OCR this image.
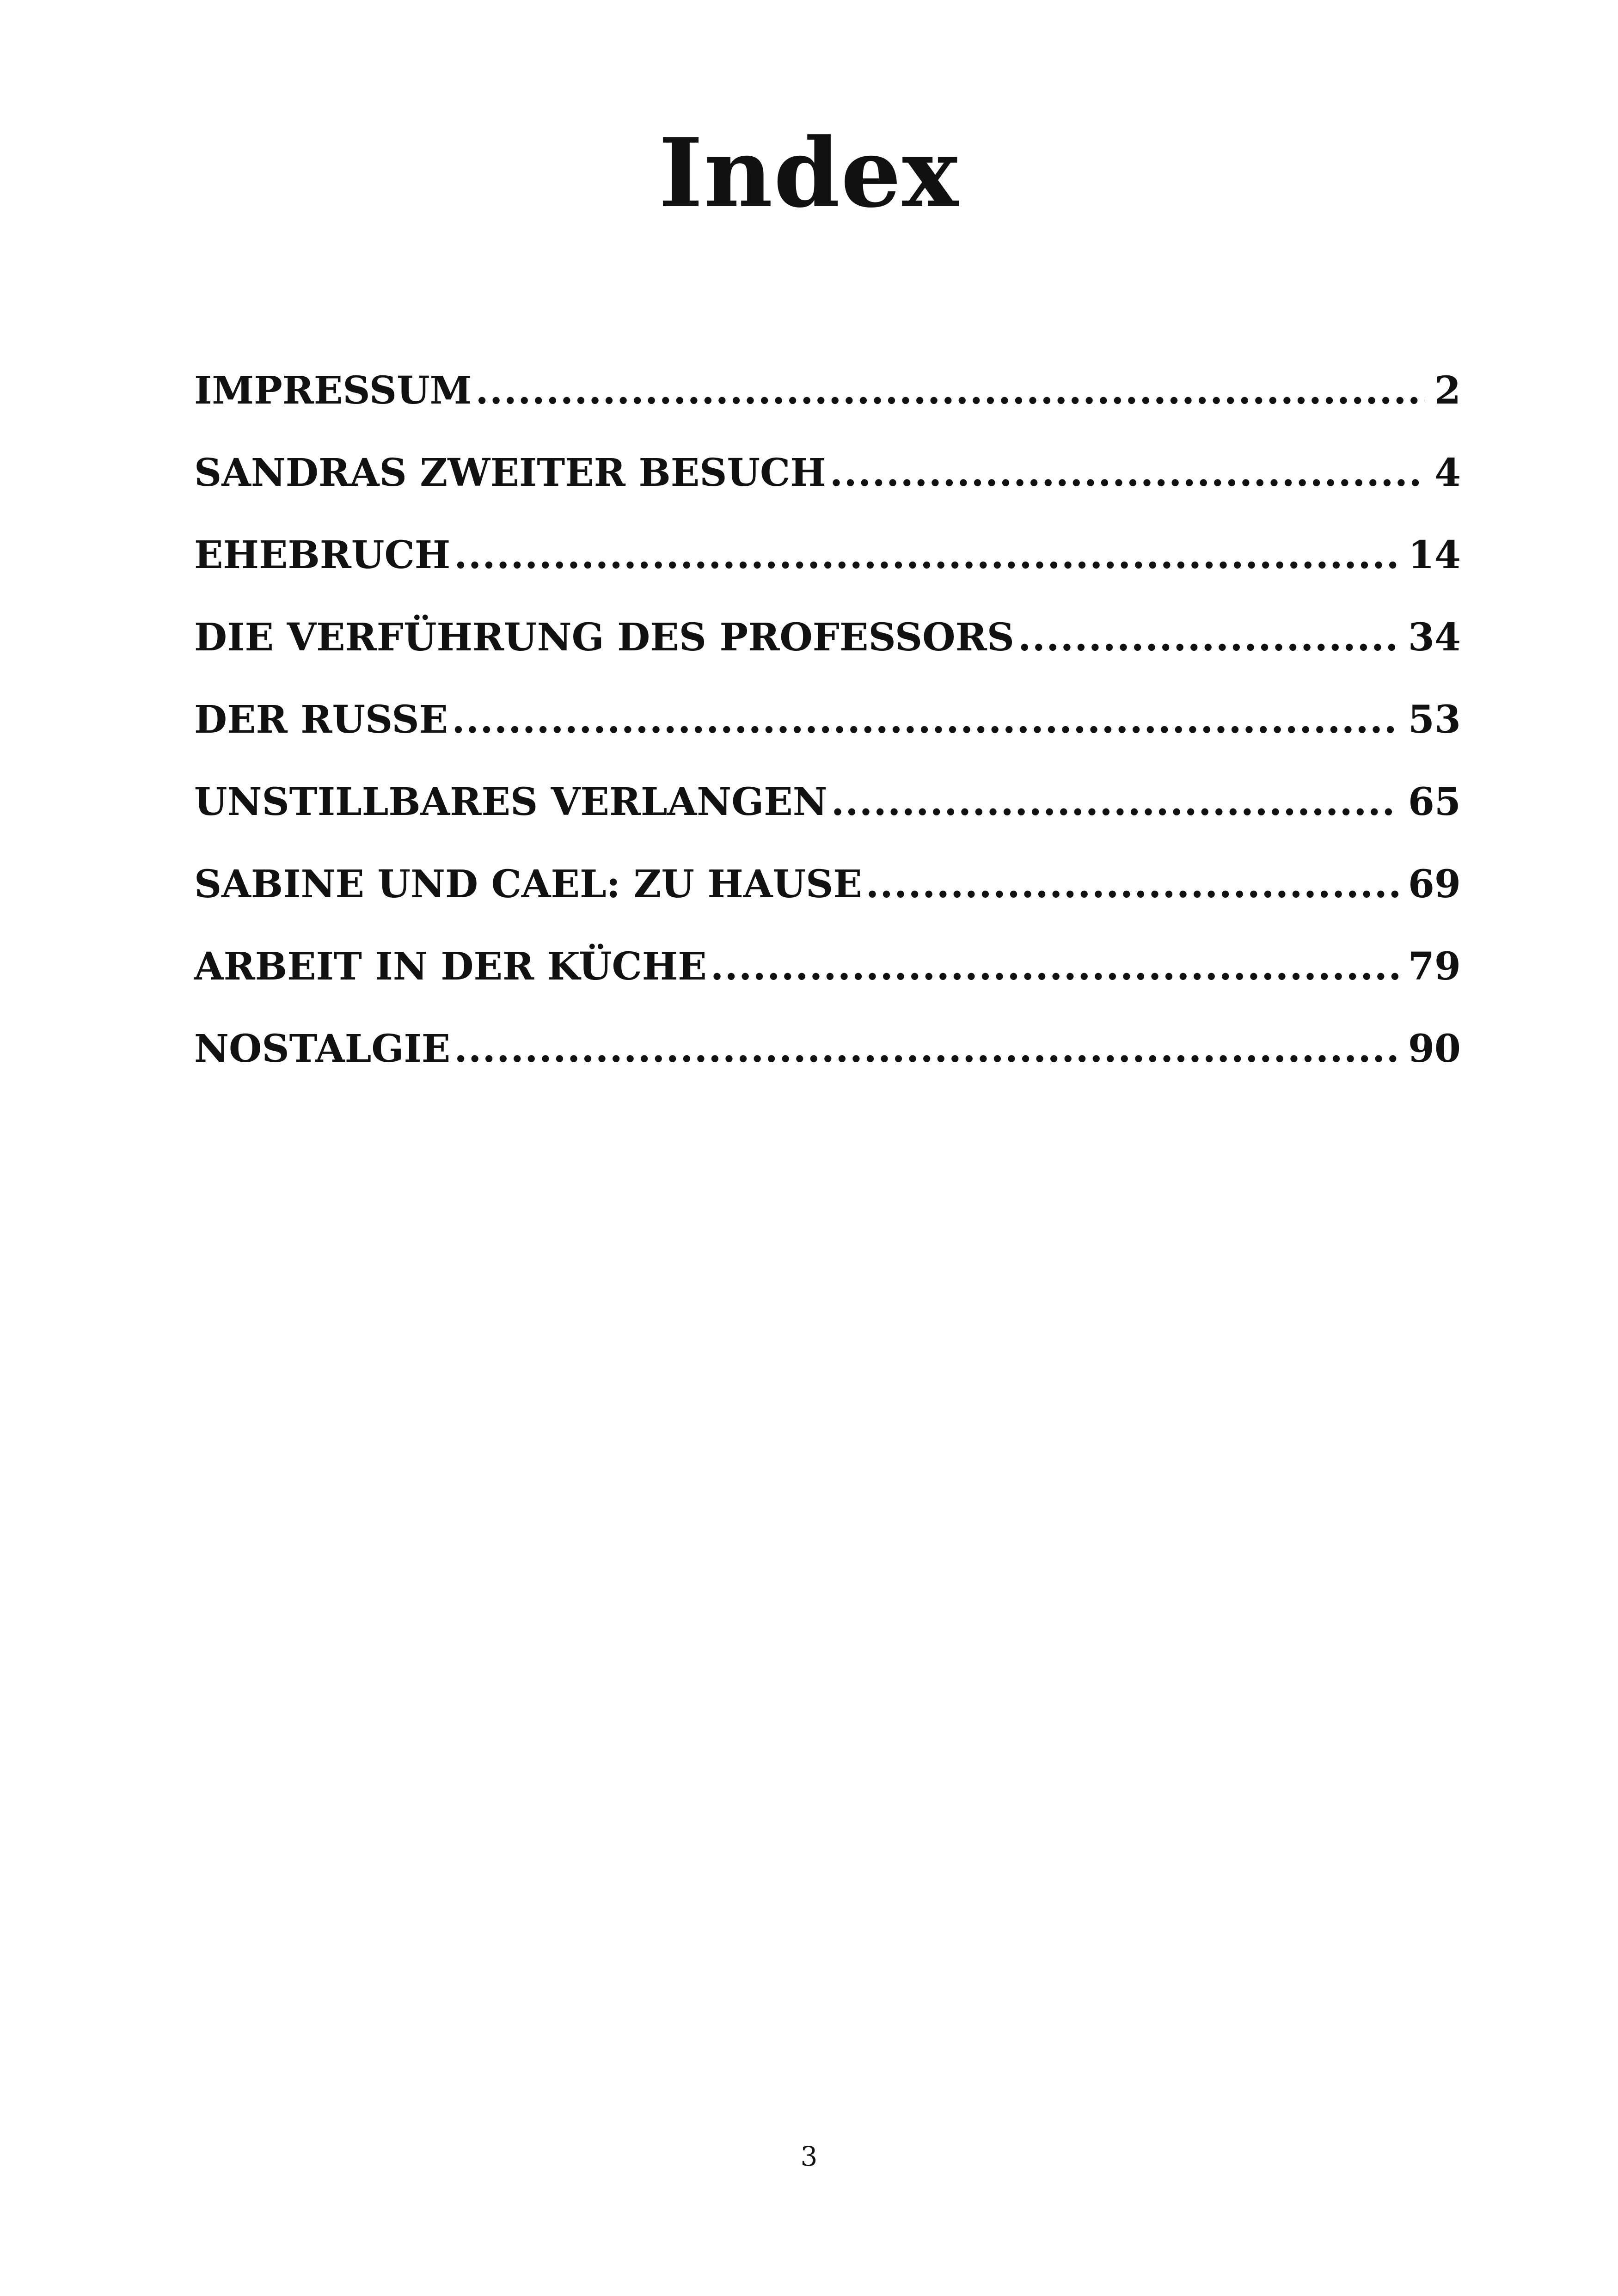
Index
IMPRESSUM .....	2
SANDRAS ZWEITER BESUCH .....	4
EHEBRUCH .....	14
DIE VERFÜHRUNG DES PROFESSORS .....	34
DER RUSSE .....	53
UNSTILLBARES VERLANGEN .....	65
SABINE UND CAEL: ZU HAUSE .....	69
ARBEIT IN DER KÜCHE .....	79
NOSTALGIE .....	90
3
